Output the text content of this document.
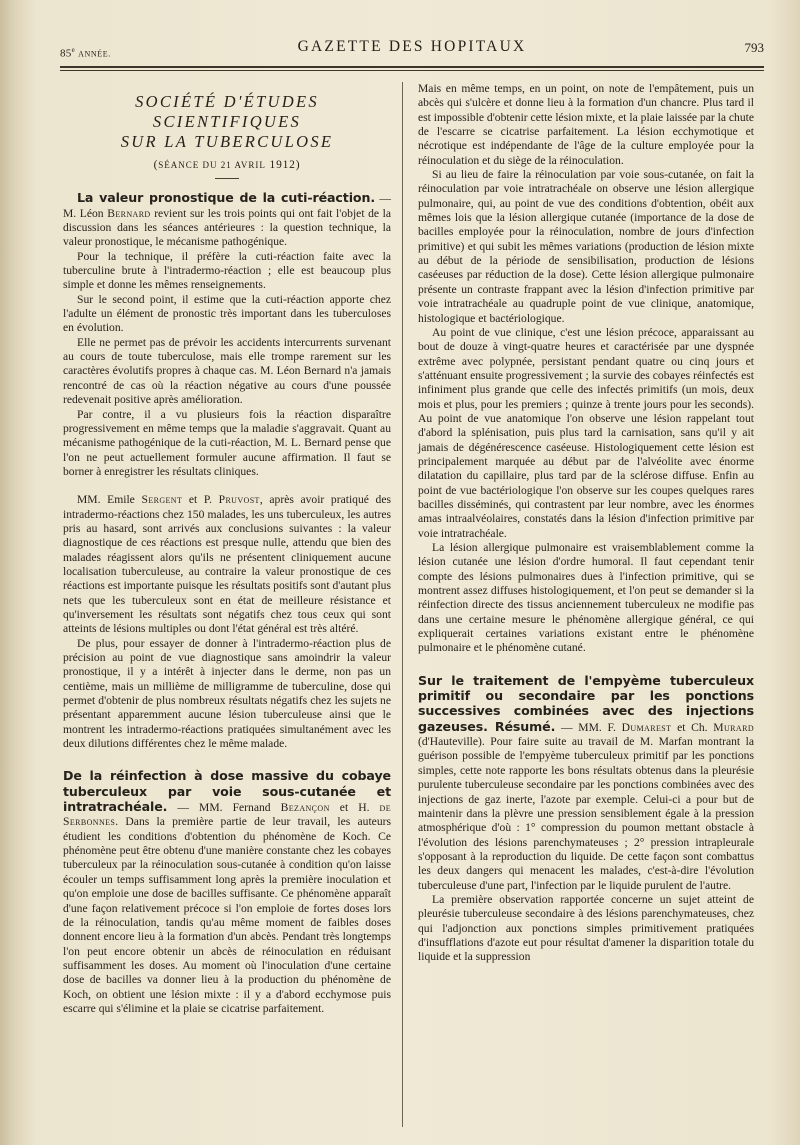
85e ANNÉE.	GAZETTE DES HOPITAUX	793
SOCIÉTÉ D'ÉTUDES SCIENTIFIQUES
SUR LA TUBERCULOSE
(SÉANCE DU 21 AVRIL 1912)

La valeur pronostique de la cuti-réaction. — M. Léon Bernard revient sur les trois points qui ont fait l'objet de la discussion dans les séances antérieures : la question technique, la valeur pronostique, le mécanisme pathogénique.

Pour la technique, il préfère la cuti-réaction faite avec la tuberculine brute à l'intradermo-réaction ; elle est beaucoup plus simple et donne les mêmes renseignements.

Sur le second point, il estime que la cuti-réaction apporte chez l'adulte un élément de pronostic très important dans les tuberculoses en évolution.

Elle ne permet pas de prévoir les accidents intercurrents survenant au cours de toute tuberculose, mais elle trompe rarement sur les caractères évolutifs propres à chaque cas. M. Léon Bernard n'a jamais rencontré de cas où la réaction négative au cours d'une poussée redevenait positive après amélioration.

Par contre, il a vu plusieurs fois la réaction disparaître progressivement en même temps que la maladie s'aggravait. Quant au mécanisme pathogénique de la cuti-réaction, M. L. Bernard pense que l'on ne peut actuellement formuler aucune affirmation. Il faut se borner à enregistrer les résultats cliniques.

MM. Emile Sergent et P. Pruvost, après avoir pratiqué des intradermo-réactions chez 150 malades, les uns tuberculeux, les autres pris au hasard, sont arrivés aux conclusions suivantes : la valeur diagnostique de ces réactions est presque nulle, attendu que bien des malades réagissent alors qu'ils ne présentent cliniquement aucune localisation tuberculeuse, au contraire la valeur pronostique de ces réactions est importante puisque les résultats positifs sont d'autant plus nets que les tuberculeux sont en état de meilleure résistance et qu'inversement les résultats sont négatifs chez tous ceux qui sont atteints de lésions multiples ou dont l'état général est très altéré.

De plus, pour essayer de donner à l'intradermo-réaction plus de précision au point de vue diagnostique sans amoindrir la valeur pronostique, il y a intérêt à injecter dans le derme, non pas un centième, mais un millième de milligramme de tuberculine, dose qui permet d'obtenir de plus nombreux résultats négatifs chez les sujets ne présentant apparemment aucune lésion tuberculeuse ainsi que le montrent les intradermo-réactions pratiquées simultanément avec les deux dilutions différentes chez le même malade.

De la réinfection à dose massive du cobaye tuberculeux par voie sous-cutanée et intratrachéale. — MM. Fernand Bezançon et H. de Serbonnes. Dans la première partie de leur travail, les auteurs étudient les conditions d'obtention du phénomène de Koch. Ce phénomène peut être obtenu d'une manière constante chez les cobayes tuberculeux par la réinoculation sous-cutanée à condition qu'on laisse écouler un temps suffisamment long après la première inoculation et qu'on emploie une dose de bacilles suffisante. Ce phénomène apparaît d'une façon relativement précoce si l'on emploie de fortes doses lors de la réinoculation, tandis qu'au même moment de faibles doses donnent encore lieu à la formation d'un abcès. Pendant très longtemps l'on peut encore obtenir un abcès de réinoculation en réduisant suffisamment les doses. Au moment où l'inoculation d'une certaine dose de bacilles va donner lieu à la production du phénomène de Koch, on obtient une lésion mixte : il y a d'abord ecchymose puis escarre qui s'élimine et la plaie se cicatrise parfaitement.

Mais en même temps, en un point, on note de l'empâtement, puis un abcès qui s'ulcère et donne lieu à la formation d'un chancre. Plus tard il est impossible d'obtenir cette lésion mixte, et la plaie laissée par la chute de l'escarre se cicatrise parfaitement. La lésion ecchymotique et nécrotique est indépendante de l'âge de la culture employée pour la réinoculation et du siège de la réinoculation.

Si au lieu de faire la réinoculation par voie sous-cutanée, on fait la réinoculation par voie intratrachéale on observe une lésion allergique pulmonaire, qui, au point de vue des conditions d'obtention, obéit aux mêmes lois que la lésion allergique cutanée (importance de la dose de bacilles employée pour la réinoculation, nombre de jours d'infection primitive) et qui subit les mêmes variations (production de lésion mixte au début de la période de sensibilisation, production de lésions caséeuses par réduction de la dose). Cette lésion allergique pulmonaire présente un contraste frappant avec la lésion d'infection primitive par voie intratrachéale au quadruple point de vue clinique, anatomique, histologique et bactériologique.

Au point de vue clinique, c'est une lésion précoce, apparaissant au bout de douze à vingt-quatre heures et caractérisée par une dyspnée extrême avec polypnée, persistant pendant quatre ou cinq jours et s'atténuant ensuite progressivement ; la survie des cobayes réinfectés est infiniment plus grande que celle des infectés primitifs (un mois, deux mois et plus, pour les premiers ; quinze à trente jours pour les seconds). Au point de vue anatomique l'on observe une lésion rappelant tout d'abord la splénisation, puis plus tard la carnisation, sans qu'il y ait jamais de dégénérescence caséeuse. Histologiquement cette lésion est principalement marquée au début par de l'alvéolite avec énorme dilatation du capillaire, plus tard par de la sclérose diffuse. Enfin au point de vue bactériologique l'on observe sur les coupes quelques rares bacilles disséminés, qui contrastent par leur nombre, avec les énormes amas intraalvéolaires, constatés dans la lésion d'infection primitive par voie intratrachéale.

La lésion allergique pulmonaire est vraisemblablement comme la lésion cutanée une lésion d'ordre humoral. Il faut cependant tenir compte des lésions pulmonaires dues à l'infection primitive, qui se montrent assez diffuses histologiquement, et l'on peut se demander si la réinfection directe des tissus anciennement tuberculeux ne modifie pas dans une certaine mesure le phénomène allergique général, ce qui expliquerait certaines variations existant entre le phénomène pulmonaire et le phénomène cutané.

Sur le traitement de l'empyème tuberculeux primitif ou secondaire par les ponctions successives combinées avec des injections gazeuses. Résumé. — MM. F. Dumarest et Ch. Murard (d'Hauteville). Pour faire suite au travail de M. Marfan montrant la guérison possible de l'empyème tuberculeux primitif par les ponctions simples, cette note rapporte les bons résultats obtenus dans la pleurésie purulente tuberculeuse secondaire par les ponctions combinées avec des injections de gaz inerte, l'azote par exemple. Celui-ci a pour but de maintenir dans la plèvre une pression sensiblement égale à la pression atmosphérique d'où : 1° compression du poumon mettant obstacle à l'évolution des lésions parenchymateuses ; 2° pression intrapleurale s'opposant à la reproduction du liquide. De cette façon sont combattus les deux dangers qui menacent les malades, c'est-à-dire l'évolution tuberculeuse d'une part, l'infection par le liquide purulent de l'autre.

La première observation rapportée concerne un sujet atteint de pleurésie tuberculeuse secondaire à des lésions parenchymateuses, chez qui l'adjonction aux ponctions simples primitivement pratiquées d'insufflations d'azote eut pour résultat d'amener la disparition totale du liquide et la suppression
